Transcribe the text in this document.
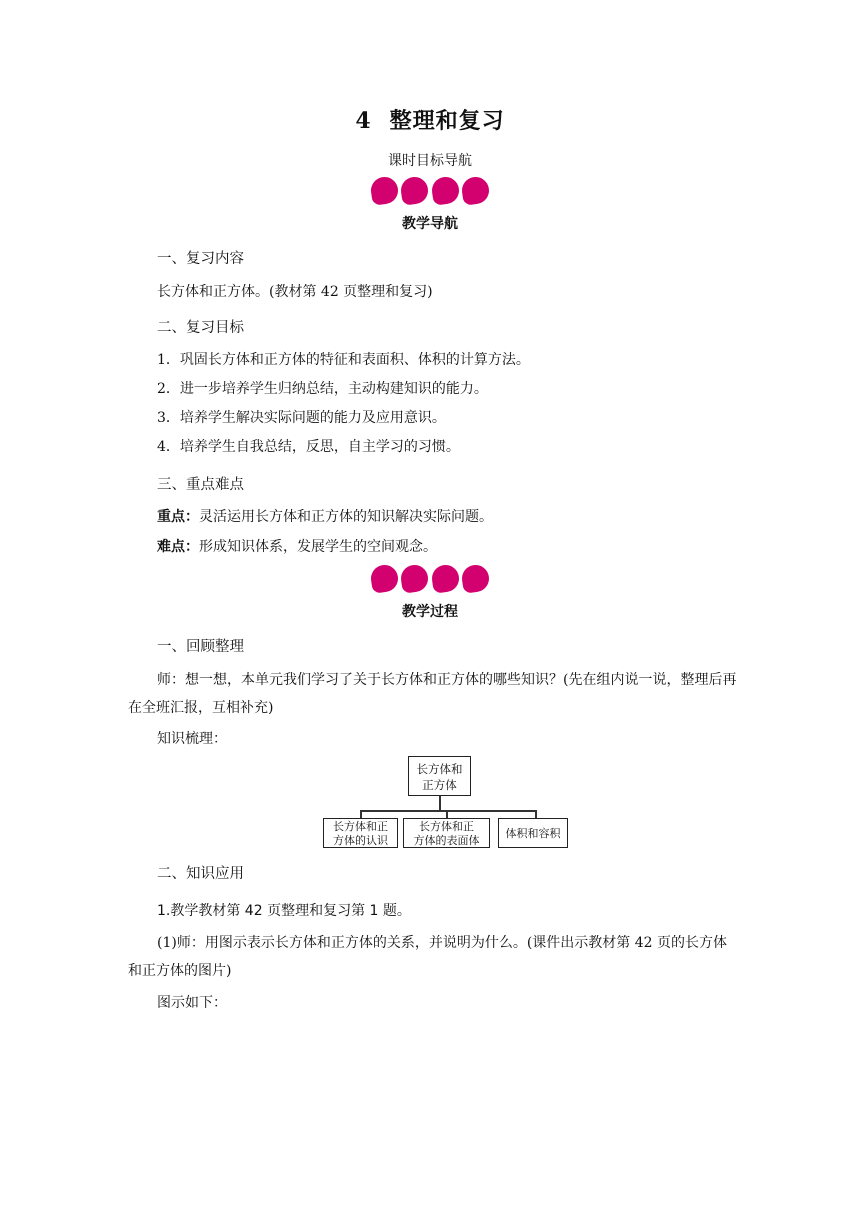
4 整理和复习
课时目标导航

教学导航
一、复习内容
长方体和正方体。(教材第 42 页整理和复习)
二、复习目标
1．巩固长方体和正方体的特征和表面积、体积的计算方法。
2．进一步培养学生归纳总结，主动构建知识的能力。
3．培养学生解决实际问题的能力及应用意识。
4．培养学生自我总结，反思，自主学习的习惯。
三、重点难点
重点：灵活运用长方体和正方体的知识解决实际问题。
难点：形成知识体系，发展学生的空间观念。

教学过程
一、回顾整理
师：想一想，本单元我们学习了关于长方体和正方体的哪些知识？(先在组内说一说，整理后再在全班汇报，互相补充)
知识梳理：
长方体和
正方体
长方体和正
方体的认识
长方体和正
方体的表面体
体积和容积
二、知识应用
1.教学教材第 42 页整理和复习第 1 题。
(1)师：用图示表示长方体和正方体的关系，并说明为什么。(课件出示教材第 42 页的长方体和正方体的图片)
图示如下：
